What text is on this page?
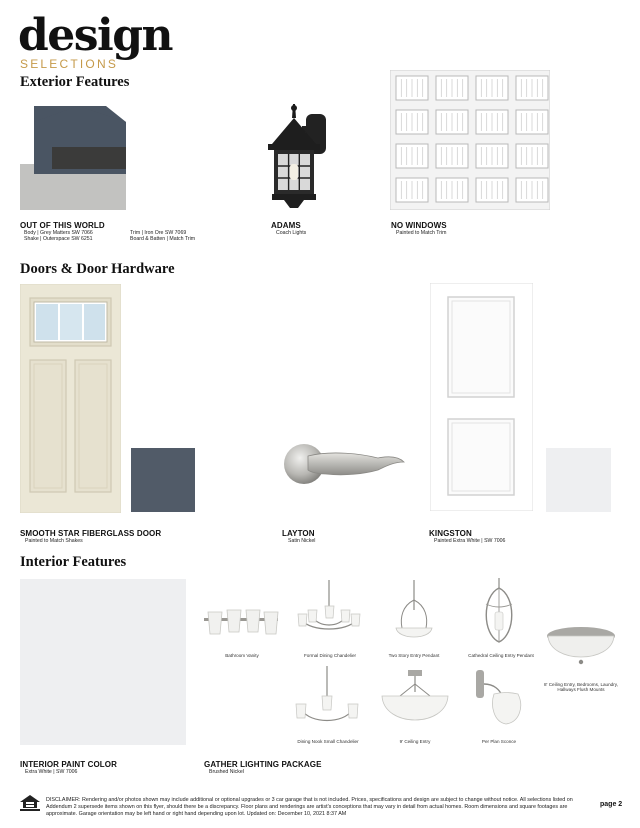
design
SELECTIONS
Exterior Features
OUT OF THIS WORLD
Body | Grey Matters SW 7066
Shake | Outerspace SW 6251
Trim | Iron Ore SW 7069
Board & Batten | Match Trim
ADAMS
Coach Lights
NO WINDOWS
Painted to Match Trim
Doors & Door Hardware
SMOOTH STAR FIBERGLASS DOOR
Painted to Match Shakes
LAYTON
Satin Nickel
KINGSTON
Painted Extra White | SW 7006
Interior Features
INTERIOR PAINT COLOR
Extra White | SW 7006
Bathroom Vanity	Formal Dining Chandelier	Two Story Entry Pendant	Cathedral Ceiling Entry Pendant
8' Ceiling Entry, Bedrooms, Laundry, Hallways Flush Mounts
Dining Nook Small Chandelier	9' Ceiling Entry	Per Plan Sconce
GATHER LIGHTING PACKAGE
Brushed Nickel
DISCLAIMER: Rendering and/or photos shown may include additional or optional upgrades or 3 car garage that is not included. Prices, specifications and design are subject to change without notice. All selections listed on Addendum 2 supersede items shown on this flyer, should there be a discrepancy. Floor plans and renderings are artist's conceptions that may vary in detail from actual homes. Room dimensions and square footages are approximate. Garage orientation may be left hand or right hand depending upon lot. Updated on: December 10, 2021 8:37 AM
page 2
